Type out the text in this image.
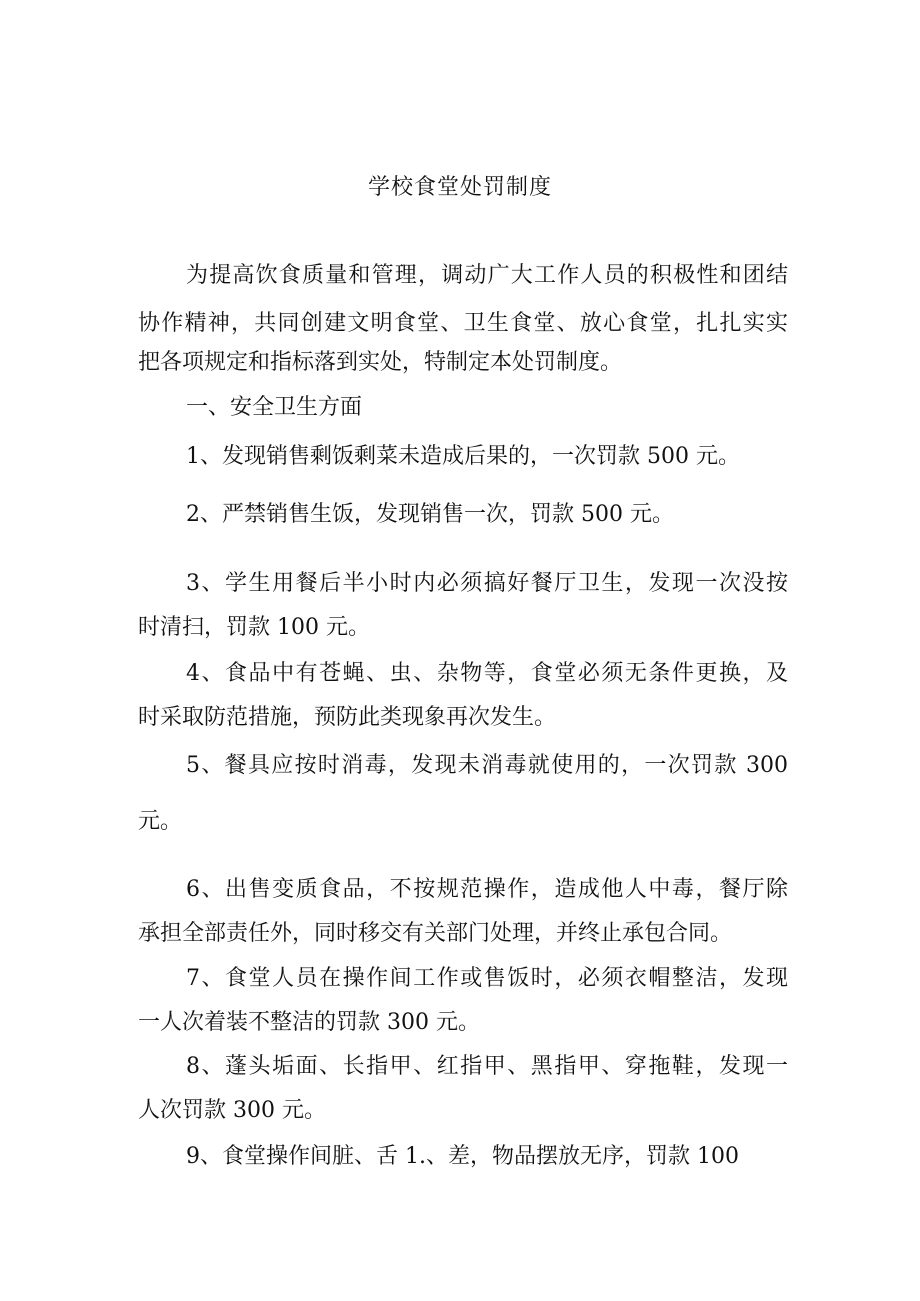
学校食堂处罚制度
为提高饮食质量和管理，调动广大工作人员的积极性和团结
协作精神，共同创建文明食堂、卫生食堂、放心食堂，扎扎实实
把各项规定和指标落到实处，特制定本处罚制度。
一、安全卫生方面
1、发现销售剩饭剩菜未造成后果的，一次罚款 500 元。
2、严禁销售生饭，发现销售一次，罚款 500 元。
3、学生用餐后半小时内必须搞好餐厅卫生，发现一次没按
时清扫，罚款 100 元。
4、食品中有苍蝇、虫、杂物等，食堂必须无条件更换，及
时采取防范措施，预防此类现象再次发生。
5、餐具应按时消毒，发现未消毒就使用的，一次罚款 300
元。
6、出售变质食品，不按规范操作，造成他人中毒，餐厅除
承担全部责任外，同时移交有关部门处理，并终止承包合同。
7、食堂人员在操作间工作或售饭时，必须衣帽整洁，发现
一人次着装不整洁的罚款 300 元。
8、蓬头垢面、长指甲、红指甲、黑指甲、穿拖鞋，发现一
人次罚款 300 元。
9、食堂操作间脏、舌 1.、差，物品摆放无序，罚款 100
